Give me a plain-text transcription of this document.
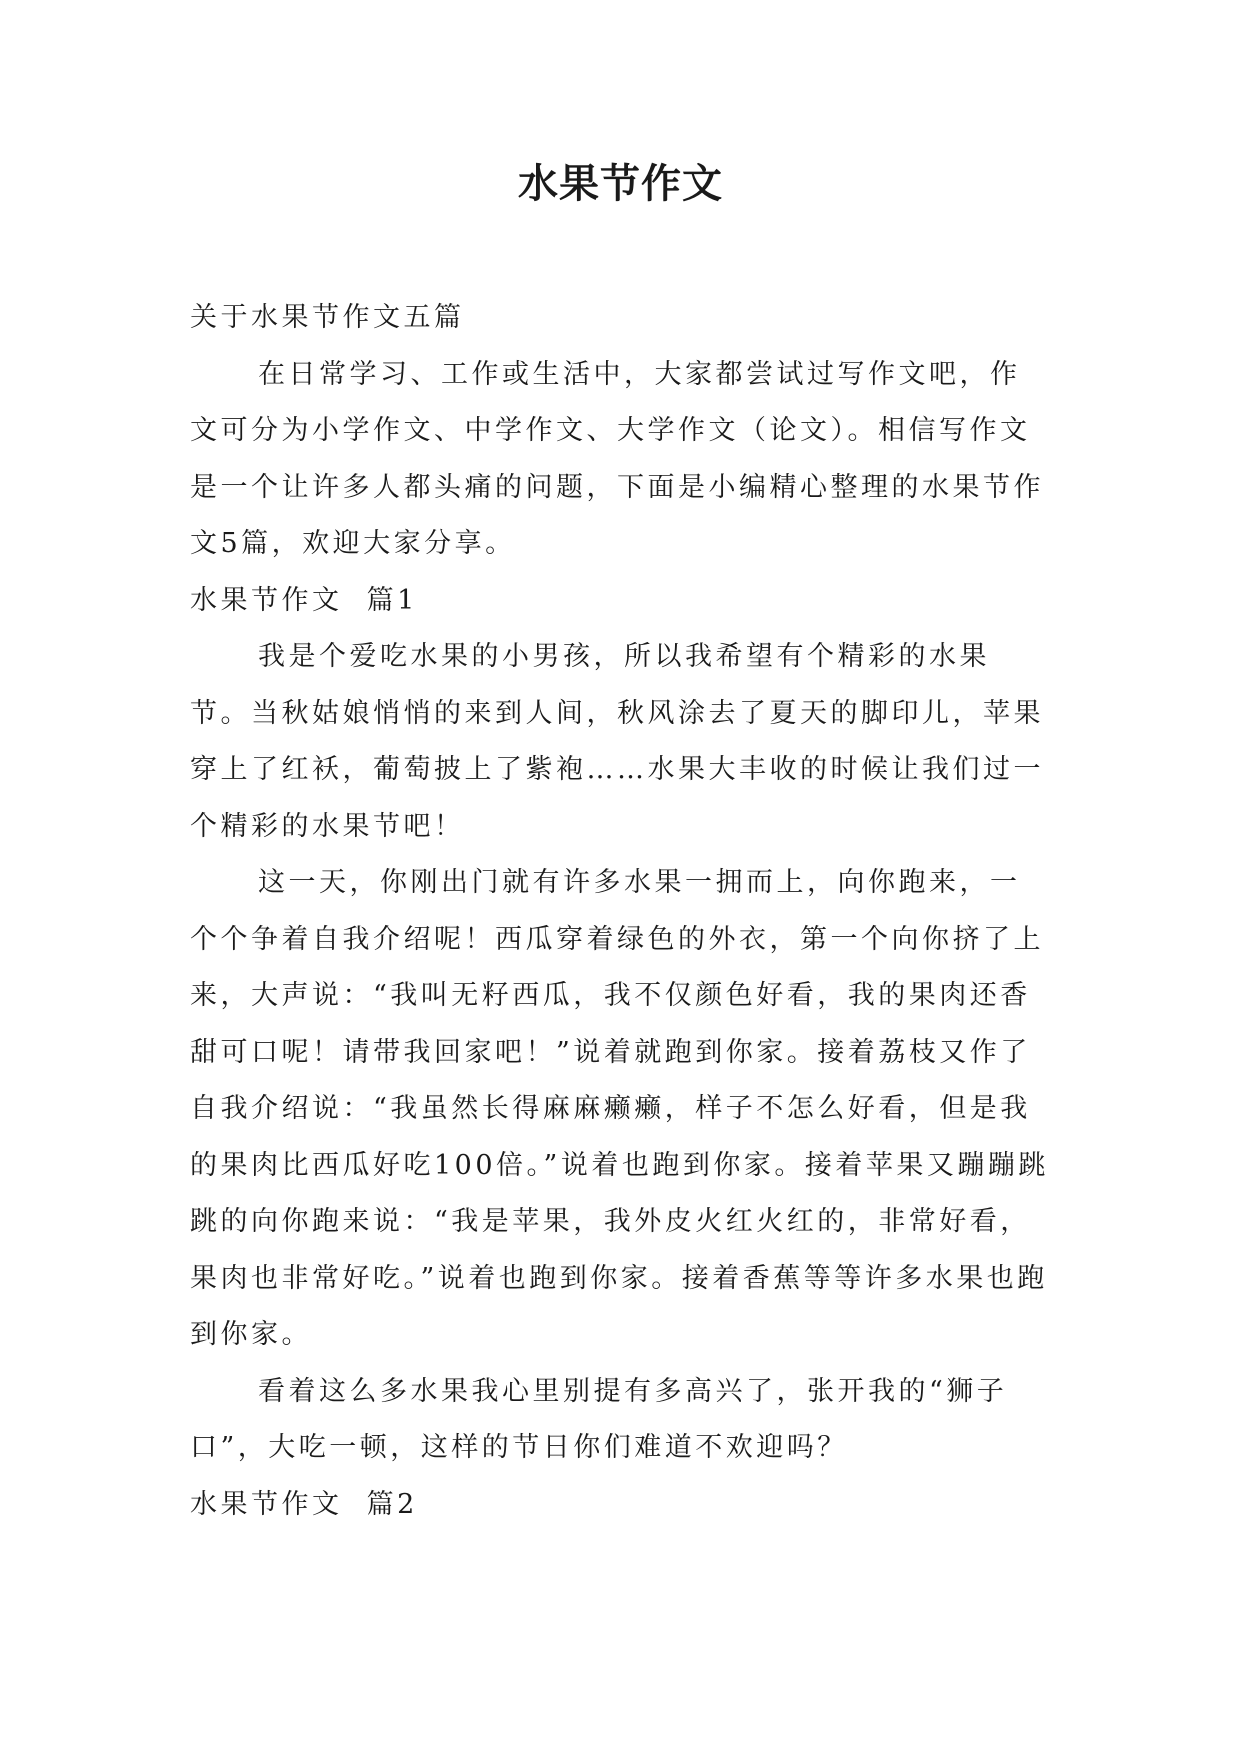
水果节作文

关于水果节作文五篇

在日常学习、工作或生活中，大家都尝试过写作文吧，作文可分为小学作文、中学作文、大学作文（论文）。相信写作文是一个让许多人都头痛的问题，下面是小编精心整理的水果节作文5篇，欢迎大家分享。

水果节作文  篇1

我是个爱吃水果的小男孩，所以我希望有个精彩的水果节。当秋姑娘悄悄的来到人间，秋风涂去了夏天的脚印儿，苹果穿上了红袄，葡萄披上了紫袍……水果大丰收的时候让我们过一个精彩的水果节吧！

这一天，你刚出门就有许多水果一拥而上，向你跑来，一个个争着自我介绍呢！西瓜穿着绿色的外衣，第一个向你挤了上来，大声说：“我叫无籽西瓜，我不仅颜色好看，我的果肉还香甜可口呢！请带我回家吧！”说着就跑到你家。接着荔枝又作了自我介绍说：“我虽然长得麻麻癞癞，样子不怎么好看，但是我的果肉比西瓜好吃100倍。”说着也跑到你家。接着苹果又蹦蹦跳跳的向你跑来说：“我是苹果，我外皮火红火红的，非常好看，果肉也非常好吃。”说着也跑到你家。接着香蕉等等许多水果也跑到你家。

看着这么多水果我心里别提有多高兴了，张开我的“狮子口”，大吃一顿，这样的节日你们难道不欢迎吗？

水果节作文  篇2
